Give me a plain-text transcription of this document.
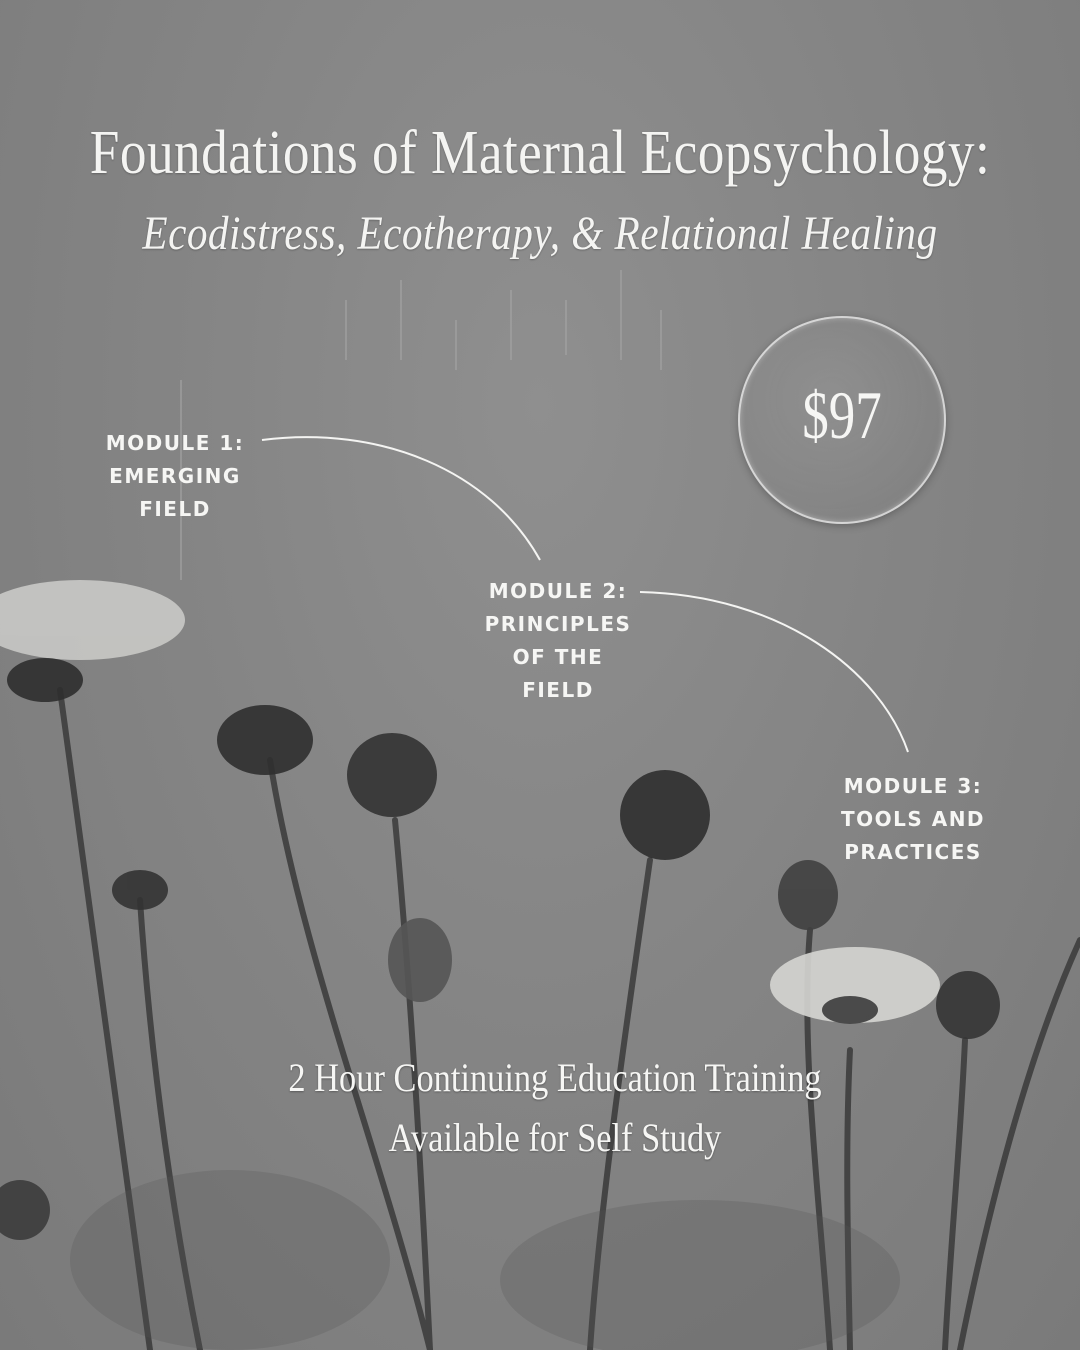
Foundations of Maternal Ecopsychology:
Ecodistress, Ecotherapy, & Relational Healing
$97
MODULE 1:
EMERGING
FIELD
MODULE 2:
PRINCIPLES
OF THE
FIELD
MODULE 3:
TOOLS AND
PRACTICES
2 Hour Continuing Education Training
Available for Self Study
